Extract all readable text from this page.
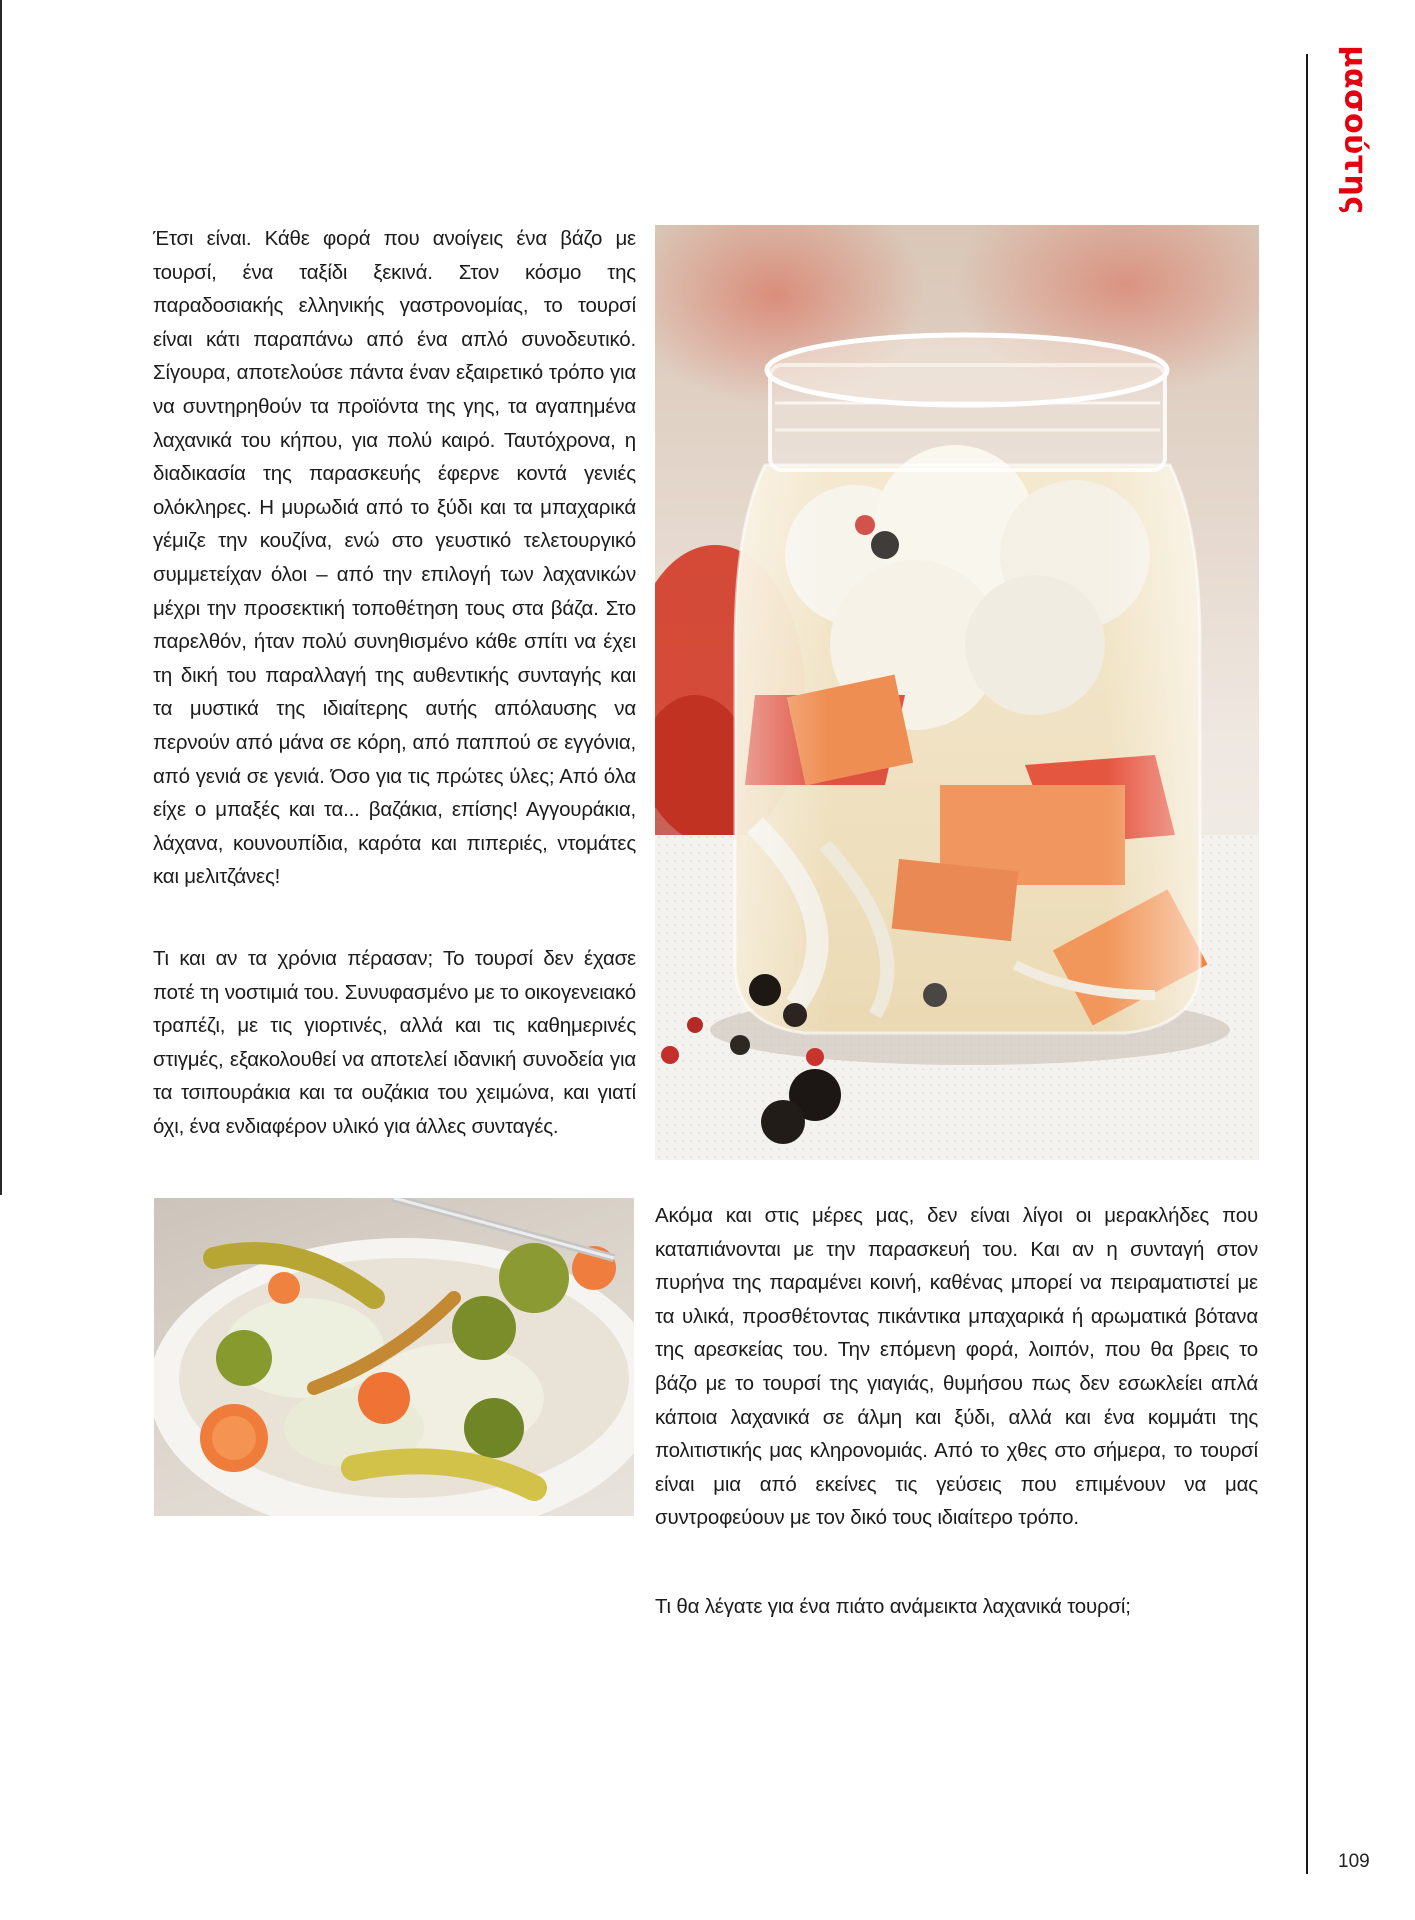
μασούτης

Έτσι είναι. Κάθε φορά που ανοίγεις ένα βάζο με τουρσί, ένα ταξίδι ξεκινά. Στον κόσμο της παραδοσιακής ελληνικής γαστρονομίας, το τουρσί είναι κάτι παραπάνω από ένα απλό συνοδευτικό. Σίγουρα, αποτελούσε πάντα έναν εξαιρετικό τρόπο για να συντηρηθούν τα προϊόντα της γης, τα αγαπημένα λαχανικά του κήπου, για πολύ καιρό. Ταυτόχρονα, η διαδικασία της παρασκευής έφερνε κοντά γενιές ολόκληρες. Η μυρωδιά από το ξύδι και τα μπαχαρικά γέμιζε την κουζίνα, ενώ στο γευστικό τελετουργικό συμμετείχαν όλοι – από την επιλογή των λαχανικών μέχρι την προσεκτική τοποθέτηση τους στα βάζα. Στο παρελθόν, ήταν πολύ συνηθισμένο κάθε σπίτι να έχει τη δική του παραλλαγή της αυθεντικής συνταγής και τα μυστικά της ιδιαίτερης αυτής απόλαυσης να περνούν από μάνα σε κόρη, από παππού σε εγγόνια, από γενιά σε γενιά. Όσο για τις πρώτες ύλες; Από όλα είχε ο μπαξές και τα... βαζάκια, επίσης! Αγγουράκια, λάχανα, κουνουπίδια, καρότα και πιπεριές, ντομάτες και μελιτζάνες!

Τι και αν τα χρόνια πέρασαν; Το τουρσί δεν έχασε ποτέ τη νοστιμιά του. Συνυφασμένο με το οικογενειακό τραπέζι, με τις γιορτινές, αλλά και τις καθημερινές στιγμές, εξακολουθεί να αποτελεί ιδανική συνοδεία για τα τσιπουράκια και τα ουζάκια του χειμώνα, και γιατί όχι, ένα ενδιαφέρον υλικό για άλλες συνταγές.

Ακόμα και στις μέρες μας, δεν είναι λίγοι οι μερακλήδες που καταπιάνονται με την παρασκευή του. Και αν η συνταγή στον πυρήνα της παραμένει κοινή, καθένας μπορεί να πειραματιστεί με τα υλικά, προσθέτοντας πικάντικα μπαχαρικά ή αρωματικά βότανα της αρεσκείας του. Την επόμενη φορά, λοιπόν, που θα βρεις το βάζο με το τουρσί της γιαγιάς, θυμήσου πως δεν εσωκλείει απλά κάποια λαχανικά σε άλμη και ξύδι, αλλά και ένα κομμάτι της πολιτιστικής μας κληρονομιάς. Από το χθες στο σήμερα, το τουρσί είναι μια από εκείνες τις γεύσεις που επιμένουν να μας συντροφεύουν με τον δικό τους ιδιαίτερο τρόπο.

Τι θα λέγατε για ένα πιάτο ανάμεικτα λαχανικά τουρσί;

109
